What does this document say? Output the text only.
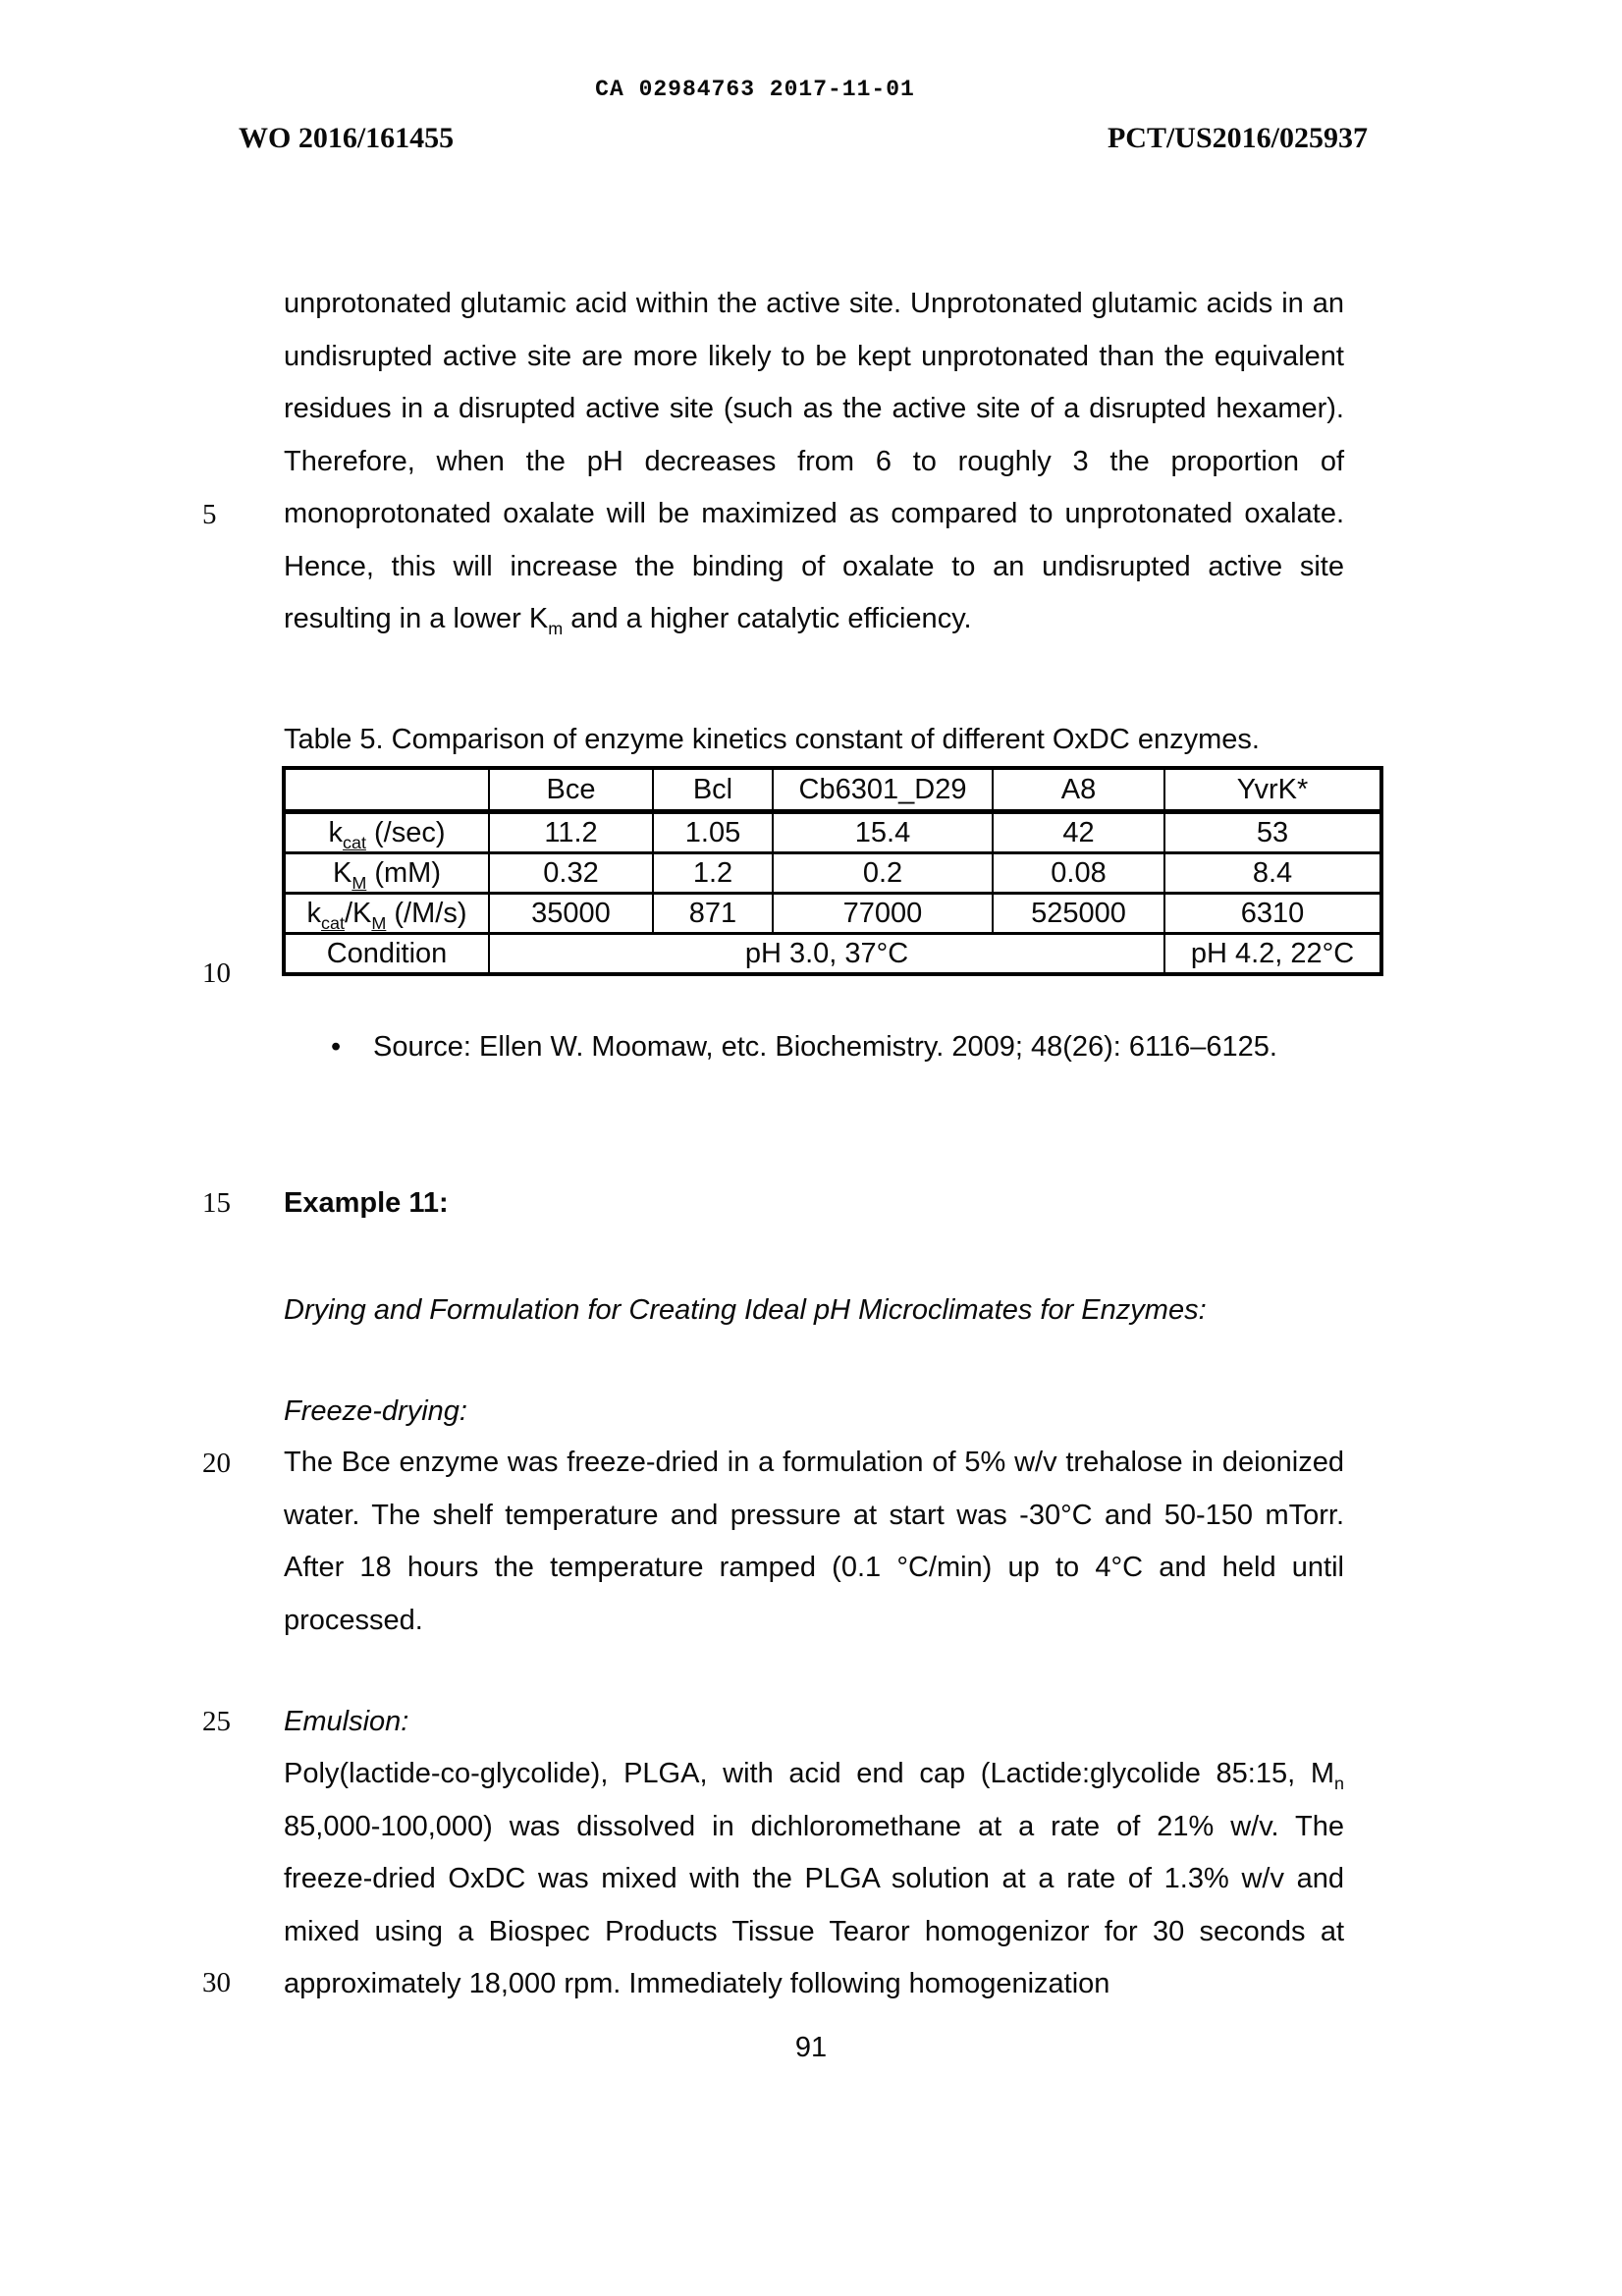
CA 02984763 2017-11-01
WO 2016/161455	PCT/US2016/025937
5
10
15
20
25
30

unprotonated glutamic acid within the active site. Unprotonated glutamic acids in an undisrupted active site are more likely to be kept unprotonated than the equivalent residues in a disrupted active site (such as the active site of a disrupted hexamer). Therefore, when the pH decreases from 6 to roughly 3 the proportion of monoprotonated oxalate will be maximized as compared to unprotonated oxalate. Hence, this will increase the binding of oxalate to an undisrupted active site resulting in a lower $K_m$ and a higher catalytic efficiency.

Table 5. Comparison of enzyme kinetics constant of different OxDC enzymes.
	Bce	Bcl	Cb6301_D29	A8	YvrK*
$k_{cat}$ (/sec)	11.2	1.05	15.4	42	53
$K_M$ (mM)	0.32	1.2	0.2	0.08	8.4
$k_{cat}/K_M$ (/M/s)	35000	871	77000	525000	6310
Condition	pH 3.0, 37°C				pH 4.2, 22°C
•	Source: Ellen W. Moomaw, etc. Biochemistry. 2009; 48(26): 6116–6125.
Example 11:
Drying and Formulation for Creating Ideal pH Microclimates for Enzymes:
Freeze-drying:

The Bce enzyme was freeze-dried in a formulation of 5% w/v trehalose in deionized water. The shelf temperature and pressure at start was -30°C and 50-150 mTorr. After 18 hours the temperature ramped (0.1 °C/min) up to 4°C and held until processed.

Emulsion:

Poly(lactide-co-glycolide), PLGA, with acid end cap (Lactide:glycolide 85:15, $M_n$ 85,000-100,000) was dissolved in dichloromethane at a rate of 21% w/v. The freeze-dried OxDC was mixed with the PLGA solution at a rate of 1.3% w/v and mixed using a Biospec Products Tissue Tearor homogenizor for 30 seconds at approximately 18,000 rpm. Immediately following homogenization

91
